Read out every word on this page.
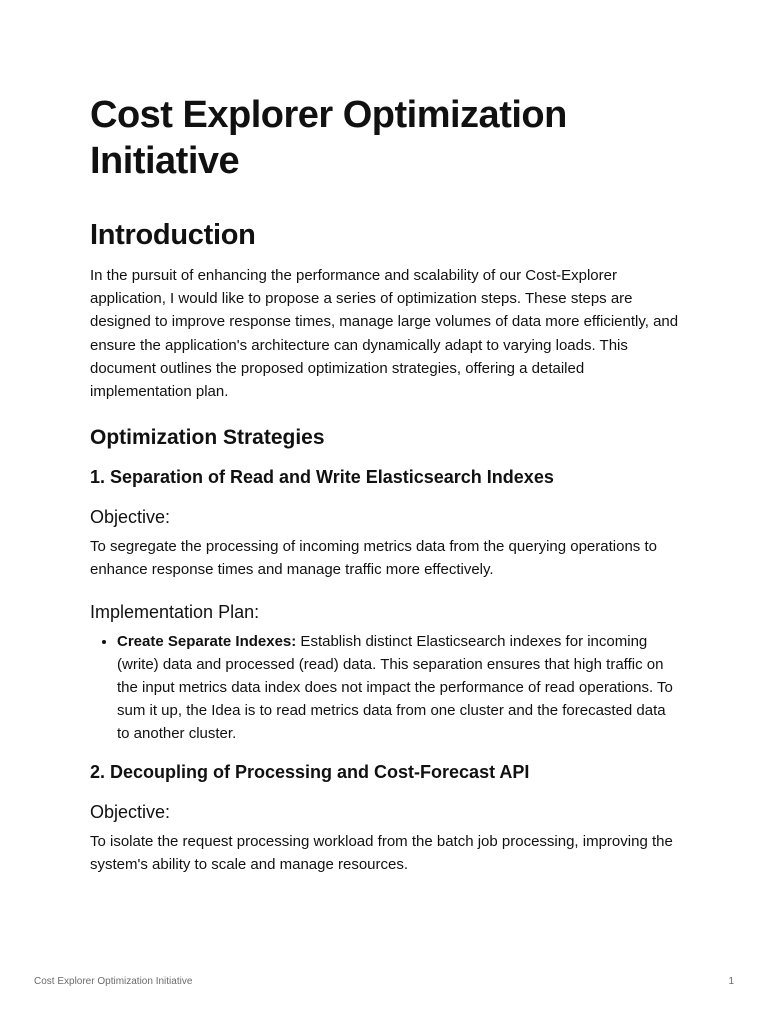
Cost Explorer Optimization Initiative
Introduction

In the pursuit of enhancing the performance and scalability of our Cost-Explorer application, I would like to propose a series of optimization steps. These steps are designed to improve response times, manage large volumes of data more efficiently, and ensure the application's architecture can dynamically adapt to varying loads. This document outlines the proposed optimization strategies, offering a detailed implementation plan.

Optimization Strategies
1. Separation of Read and Write Elasticsearch Indexes
Objective:

To segregate the processing of incoming metrics data from the querying operations to enhance response times and manage traffic more effectively.

Implementation Plan:
• Create Separate Indexes: Establish distinct Elasticsearch indexes for incoming (write) data and processed (read) data. This separation ensures that high traffic on the input metrics data index does not impact the performance of read operations. To sum it up, the Idea is to read metrics data from one cluster and the forecasted data to another cluster.
2. Decoupling of Processing and Cost-Forecast API
Objective:

To isolate the request processing workload from the batch job processing, improving the system's ability to scale and manage resources.

Cost Explorer Optimization Initiative	1
